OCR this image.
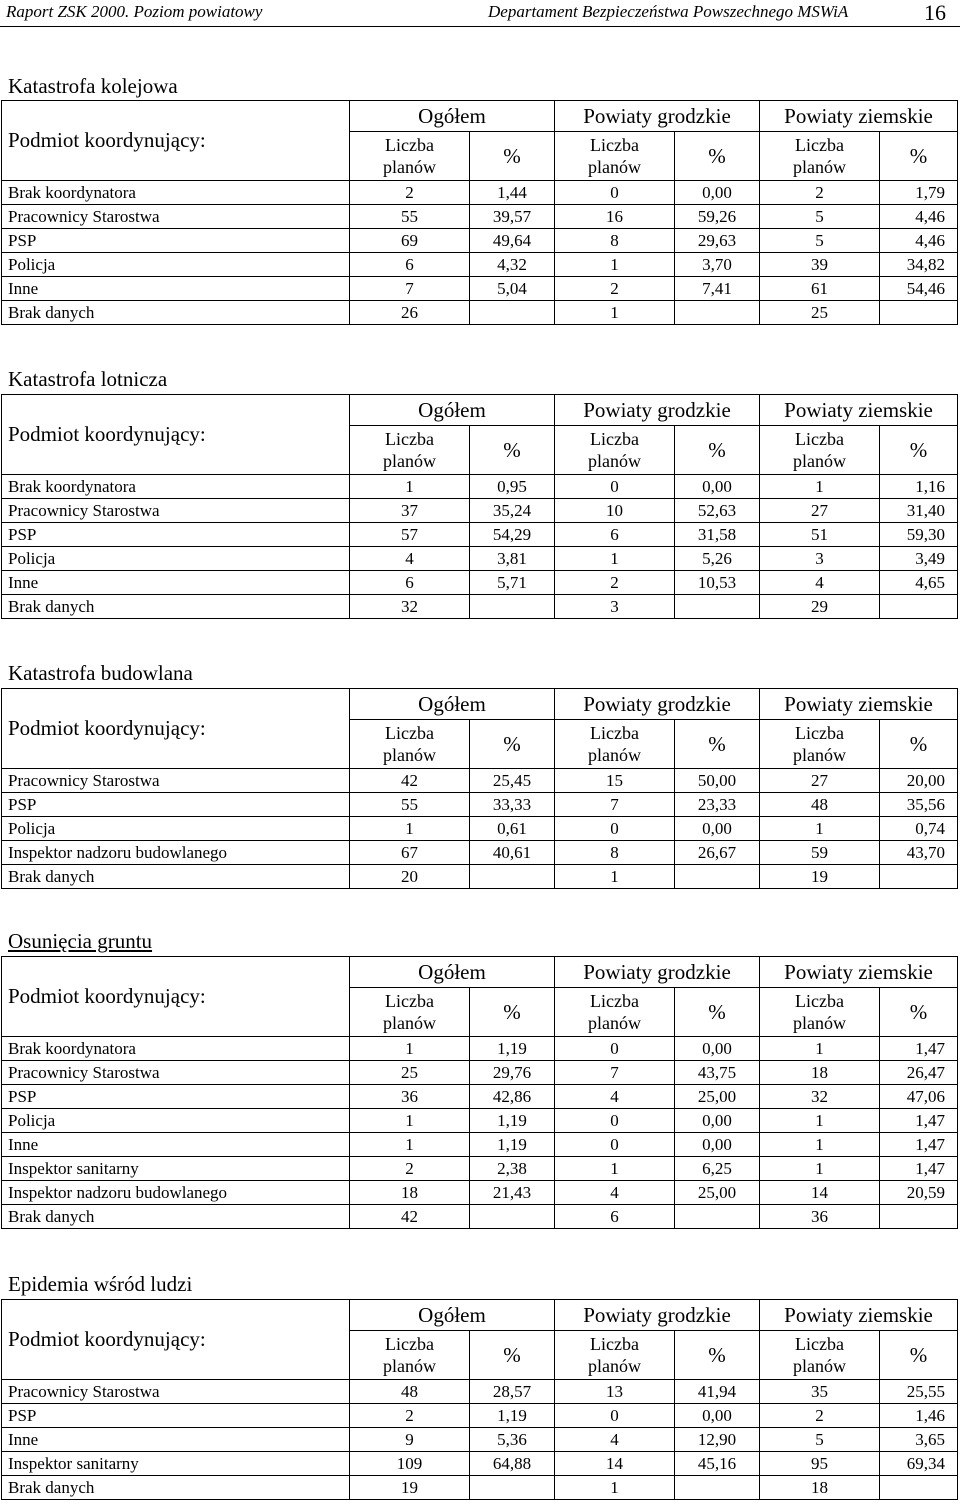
Raport ZSK 2000. Poziom powiatowy	Departament Bezpieczeństwa Powszechnego MSWiA	16
Katastrofa kolejowa
Podmiot koordynujący:	Ogółem		Powiaty grodzkie		Powiaty ziemskie	
	Liczba
planów	%	Liczba
planów	%	Liczba
planów	%
Brak koordynatora	2	1,44	0	0,00	2	1,79
Pracownicy Starostwa	55	39,57	16	59,26	5	4,46
PSP	69	49,64	8	29,63	5	4,46
Policja	6	4,32	1	3,70	39	34,82
Inne	7	5,04	2	7,41	61	54,46
Brak danych	26		1		25	
Katastrofa lotnicza
Podmiot koordynujący:	Ogółem		Powiaty grodzkie		Powiaty ziemskie	
	Liczba
planów	%	Liczba
planów	%	Liczba
planów	%
Brak koordynatora	1	0,95	0	0,00	1	1,16
Pracownicy Starostwa	37	35,24	10	52,63	27	31,40
PSP	57	54,29	6	31,58	51	59,30
Policja	4	3,81	1	5,26	3	3,49
Inne	6	5,71	2	10,53	4	4,65
Brak danych	32		3		29	
Katastrofa budowlana
Podmiot koordynujący:	Ogółem		Powiaty grodzkie		Powiaty ziemskie	
	Liczba
planów	%	Liczba
planów	%	Liczba
planów	%
Pracownicy Starostwa	42	25,45	15	50,00	27	20,00
PSP	55	33,33	7	23,33	48	35,56
Policja	1	0,61	0	0,00	1	0,74
Inspektor nadzoru budowlanego	67	40,61	8	26,67	59	43,70
Brak danych	20		1		19	
Osunięcia gruntu
Podmiot koordynujący:	Ogółem		Powiaty grodzkie		Powiaty ziemskie	
	Liczba
planów	%	Liczba
planów	%	Liczba
planów	%
Brak koordynatora	1	1,19	0	0,00	1	1,47
Pracownicy Starostwa	25	29,76	7	43,75	18	26,47
PSP	36	42,86	4	25,00	32	47,06
Policja	1	1,19	0	0,00	1	1,47
Inne	1	1,19	0	0,00	1	1,47
Inspektor sanitarny	2	2,38	1	6,25	1	1,47
Inspektor nadzoru budowlanego	18	21,43	4	25,00	14	20,59
Brak danych	42		6		36	
Epidemia wśród ludzi
Podmiot koordynujący:	Ogółem		Powiaty grodzkie		Powiaty ziemskie	
	Liczba
planów	%	Liczba
planów	%	Liczba
planów	%
Pracownicy Starostwa	48	28,57	13	41,94	35	25,55
PSP	2	1,19	0	0,00	2	1,46
Inne	9	5,36	4	12,90	5	3,65
Inspektor sanitarny	109	64,88	14	45,16	95	69,34
Brak danych	19		1		18	
